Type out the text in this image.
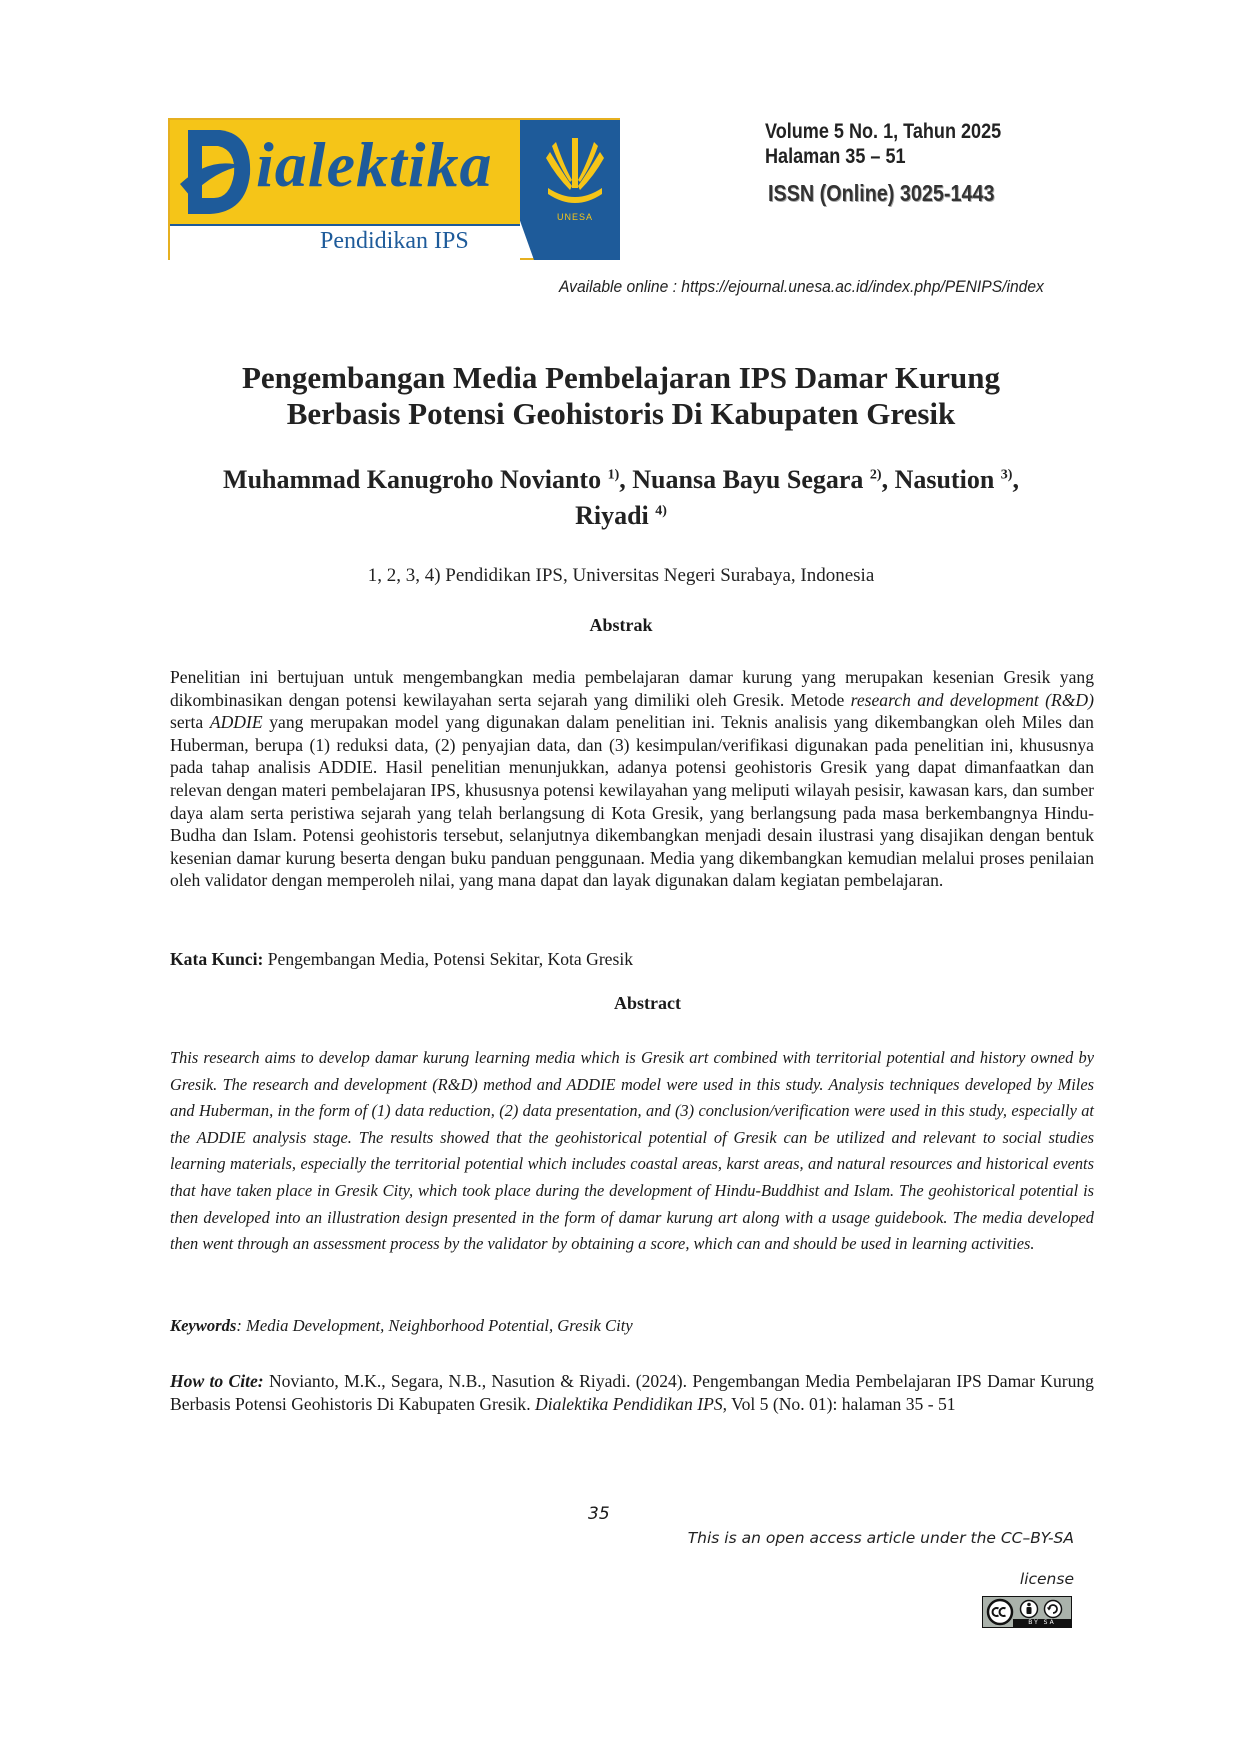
ialektika
Pendidikan IPS
UNESA
Volume 5 No. 1, Tahun 2025
Halaman 35 – 51
ISSN (Online) 3025-1443
Available online : https://ejournal.unesa.ac.id/index.php/PENIPS/index
Pengembangan Media Pembelajaran IPS Damar Kurung
Berbasis Potensi Geohistoris Di Kabupaten Gresik
Muhammad Kanugroho Novianto $^{1)}$, Nuansa Bayu Segara $^{2)}$, Nasution $^{3)}$,
Riyadi $^{4)}$
1, 2, 3, 4) Pendidikan IPS, Universitas Negeri Surabaya, Indonesia
Abstrak
Penelitian ini bertujuan untuk mengembangkan media pembelajaran damar kurung yang merupakan kesenian Gresik yang dikombinasikan dengan potensi kewilayahan serta sejarah yang dimiliki oleh Gresik. Metode research and development (R&D) serta ADDIE yang merupakan model yang digunakan dalam penelitian ini. Teknis analisis yang dikembangkan oleh Miles dan Huberman, berupa (1) reduksi data, (2) penyajian data, dan (3) kesimpulan/verifikasi digunakan pada penelitian ini, khususnya pada tahap analisis ADDIE. Hasil penelitian menunjukkan, adanya potensi geohistoris Gresik yang dapat dimanfaatkan dan relevan dengan materi pembelajaran IPS, khususnya potensi kewilayahan yang meliputi wilayah pesisir, kawasan kars, dan sumber daya alam serta peristiwa sejarah yang telah berlangsung di Kota Gresik, yang berlangsung pada masa berkembangnya Hindu-Budha dan Islam. Potensi geohistoris tersebut, selanjutnya dikembangkan menjadi desain ilustrasi yang disajikan dengan bentuk kesenian damar kurung beserta dengan buku panduan penggunaan. Media yang dikembangkan kemudian melalui proses penilaian oleh validator dengan memperoleh nilai, yang mana dapat dan layak digunakan dalam kegiatan pembelajaran.
Kata Kunci: Pengembangan Media, Potensi Sekitar, Kota Gresik
Abstract
This research aims to develop damar kurung learning media which is Gresik art combined with territorial potential and history owned by Gresik. The research and development (R&D) method and ADDIE model were used in this study. Analysis techniques developed by Miles and Huberman, in the form of (1) data reduction, (2) data presentation, and (3) conclusion/verification were used in this study, especially at the ADDIE analysis stage. The results showed that the geohistorical potential of Gresik can be utilized and relevant to social studies learning materials, especially the territorial potential which includes coastal areas, karst areas, and natural resources and historical events that have taken place in Gresik City, which took place during the development of Hindu-Buddhist and Islam. The geohistorical potential is then developed into an illustration design presented in the form of damar kurung art along with a usage guidebook. The media developed then went through an assessment process by the validator by obtaining a score, which can and should be used in learning activities.
Keywords: Media Development, Neighborhood Potential, Gresik City
How to Cite: Novianto, M.K., Segara, N.B., Nasution & Riyadi. (2024). Pengembangan Media Pembelajaran IPS Damar Kurung Berbasis Potensi Geohistoris Di Kabupaten Gresik. Dialektika Pendidikan IPS, Vol 5 (No. 01): halaman 35 - 51
35
This is an open access article under the CC–BY-SA
license
BY SA
